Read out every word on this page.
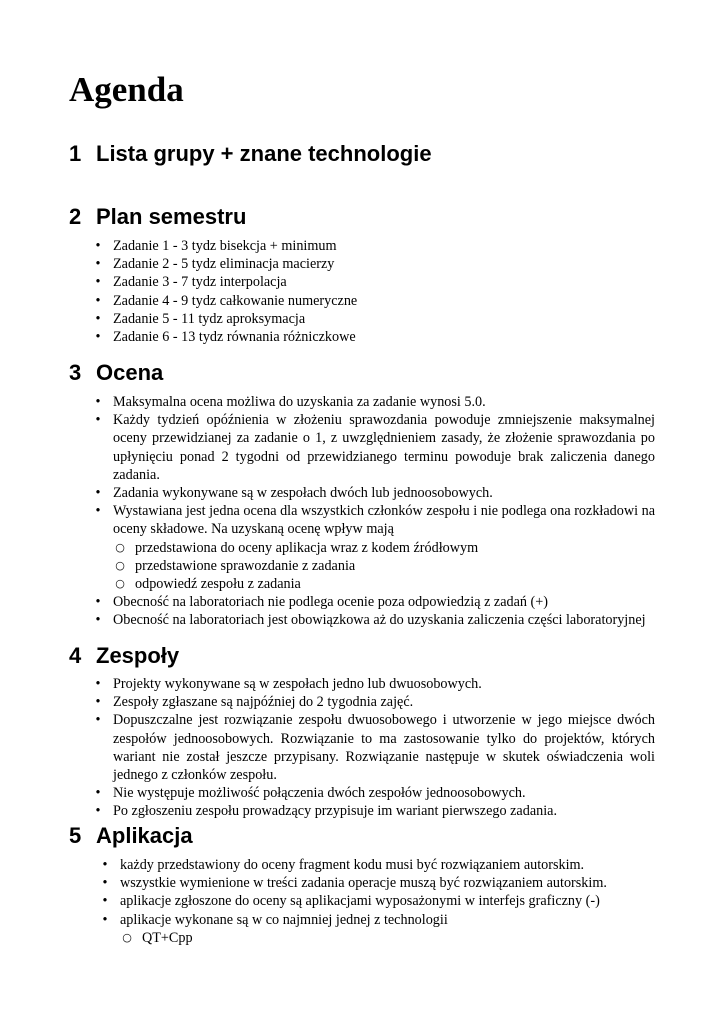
Agenda
1 Lista grupy + znane technologie
2 Plan semestru
• Zadanie 1 - 3 tydz bisekcja + minimum
• Zadanie 2 - 5 tydz eliminacja macierzy
• Zadanie 3 - 7 tydz interpolacja
• Zadanie 4 - 9 tydz całkowanie numeryczne
• Zadanie 5 - 11 tydz aproksymacja
• Zadanie 6 - 13 tydz równania różniczkowe
3 Ocena
• Maksymalna ocena możliwa do uzyskania za zadanie wynosi 5.0.
• Każdy tydzień opóźnienia w złożeniu sprawozdania powoduje zmniejszenie maksymalnej oceny przewidzianej za zadanie o 1, z uwzględnieniem zasady, że złożenie sprawozdania po upłynięciu ponad 2 tygodni od przewidzianego terminu powoduje brak zaliczenia danego zadania.
• Zadania wykonywane są w zespołach dwóch lub jednoosobowych.
• Wystawiana jest jedna ocena dla wszystkich członków zespołu i nie podlega ona rozkładowi na oceny składowe. Na uzyskaną ocenę wpływ mają
○ przedstawiona do oceny aplikacja wraz z kodem źródłowym
○ przedstawione sprawozdanie z zadania
○ odpowiedź zespołu z zadania
• Obecność na laboratoriach nie podlega ocenie poza odpowiedzią z zadań (+)
• Obecność na laboratoriach jest obowiązkowa aż do uzyskania zaliczenia części laboratoryjnej
4 Zespoły
• Projekty wykonywane są w zespołach jedno lub dwuosobowych.
• Zespoły zgłaszane są najpóźniej do 2 tygodnia zajęć.
• Dopuszczalne jest rozwiązanie zespołu dwuosobowego i utworzenie w jego miejsce dwóch zespołów jednoosobowych. Rozwiązanie to ma zastosowanie tylko do projektów, których wariant nie został jeszcze przypisany. Rozwiązanie następuje w skutek oświadczenia woli jednego z członków zespołu.
• Nie występuje możliwość połączenia dwóch zespołów jednoosobowych.
• Po zgłoszeniu zespołu prowadzący przypisuje im wariant pierwszego zadania.
5 Aplikacja
• każdy przedstawiony do oceny fragment kodu musi być rozwiązaniem autorskim.
• wszystkie wymienione w treści zadania operacje muszą być rozwiązaniem autorskim.
• aplikacje zgłoszone do oceny są aplikacjami wyposażonymi w interfejs graficzny (-)
• aplikacje wykonane są w co najmniej jednej z technologii
○ QT+Cpp
